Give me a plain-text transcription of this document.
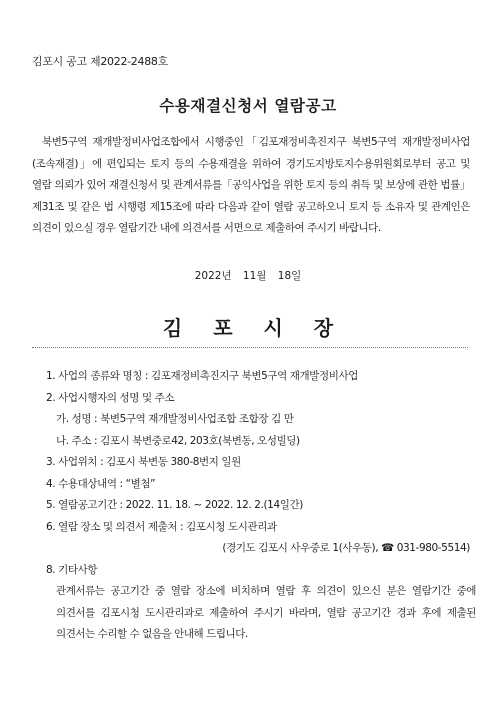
김포시 공고 제2022-2488호
수용재결신청서 열람공고

북변5구역 재개발정비사업조합에서 시행중인「김포재정비촉진지구 북변5구역 재개발정비사업(조속재결)」에 편입되는 토지 등의 수용재결을 위하여 경기도지방토지수용위원회로부터 공고 및 열람 의뢰가 있어 재결신청서 및 관계서류를「공익사업을 위한 토지 등의 취득 및 보상에 관한 법률」제31조 및 같은 법 시행령 제15조에 따라 다음과 같이 열람 공고하오니 토지 등 소유자 및 관계인은 의견이 있으실 경우 열람기간 내에 의견서를 서면으로 제출하여 주시기 바랍니다.

2022년 11월 18일
김 포 시 장
1. 사업의 종류와 명칭 : 김포재정비촉진지구 북변5구역 재개발정비사업
2. 사업시행자의 성명 및 주소
가. 성명 : 북변5구역 재개발정비사업조합 조합장 김 만
나. 주소 : 김포시 북변중로42, 203호(북변동, 오성빌딩)
3. 사업위치 : 김포시 북변동 380-8번지 일원
4. 수용대상내역 : “별첨”
5. 열람공고기간 : 2022. 11. 18. ~ 2022. 12. 2.(14일간)
6. 열람 장소 및 의견서 제출처 : 김포시청 도시관리과
(경기도 김포시 사우중로 1(사우동), ☎ 031-980-5514)
8. 기타사항

관계서류는 공고기간 중 열람 장소에 비치하며 열람 후 의견이 있으신 분은 열람기간 중에 의견서를 김포시청 도시관리과로 제출하여 주시기 바라며, 열람 공고기간 경과 후에 제출된 의견서는 수리할 수 없음을 안내해 드립니다.
